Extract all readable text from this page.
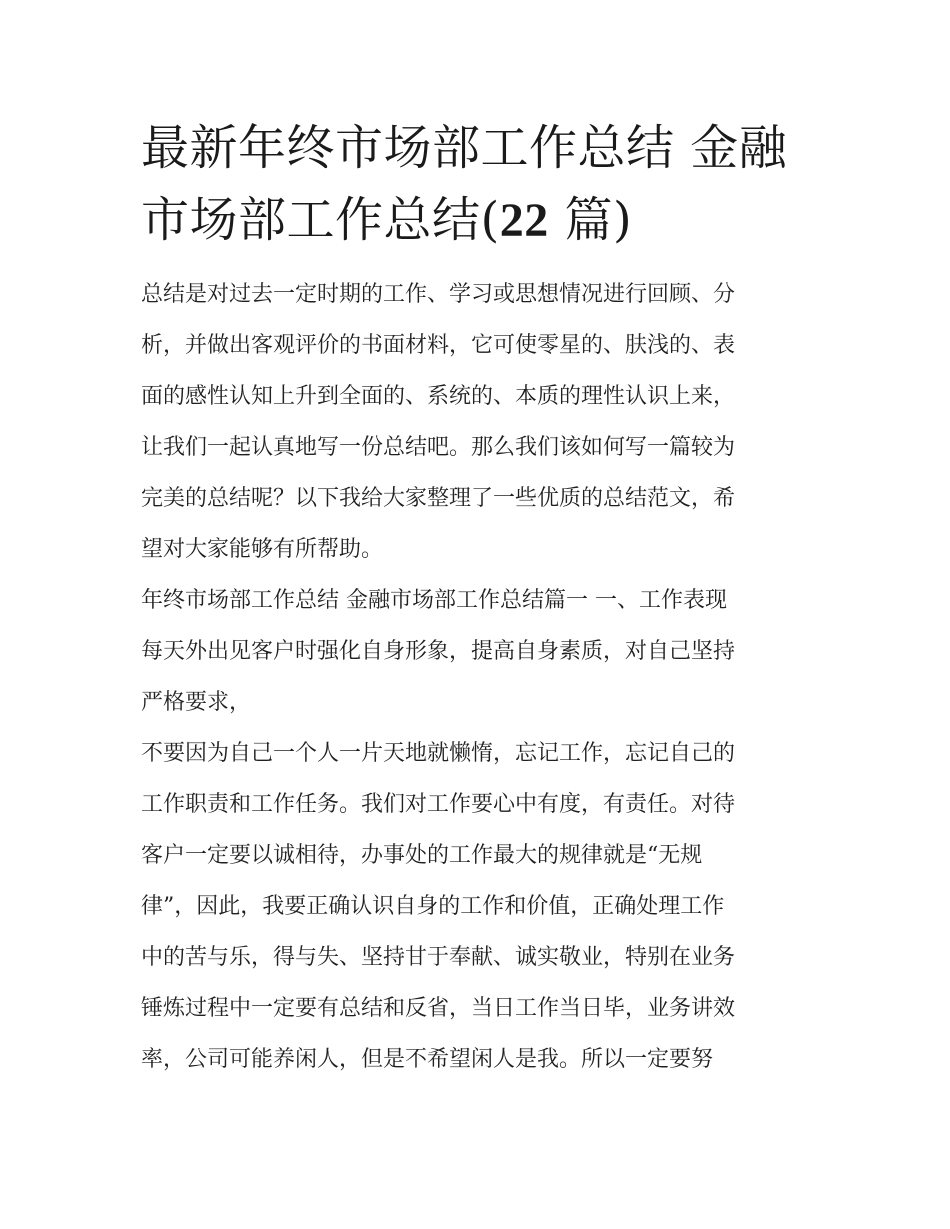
最新年终市场部工作总结 金融
市场部工作总结(22 篇)
总结是对过去一定时期的工作、学习或思想情况进行回顾、分
析，并做出客观评价的书面材料，它可使零星的、肤浅的、表
面的感性认知上升到全面的、系统的、本质的理性认识上来，
让我们一起认真地写一份总结吧。那么我们该如何写一篇较为
完美的总结呢？以下我给大家整理了一些优质的总结范文，希
望对大家能够有所帮助。
年终市场部工作总结 金融市场部工作总结篇一 一、工作表现
每天外出见客户时强化自身形象，提高自身素质，对自己坚持
严格要求，
不要因为自己一个人一片天地就懒惰，忘记工作，忘记自己的
工作职责和工作任务。我们对工作要心中有度，有责任。对待
客户一定要以诚相待，办事处的工作最大的规律就是“无规
律”，因此，我要正确认识自身的工作和价值，正确处理工作
中的苦与乐，得与失、坚持甘于奉献、诚实敬业，特别在业务
锤炼过程中一定要有总结和反省，当日工作当日毕，业务讲效
率，公司可能养闲人，但是不希望闲人是我。所以一定要努
